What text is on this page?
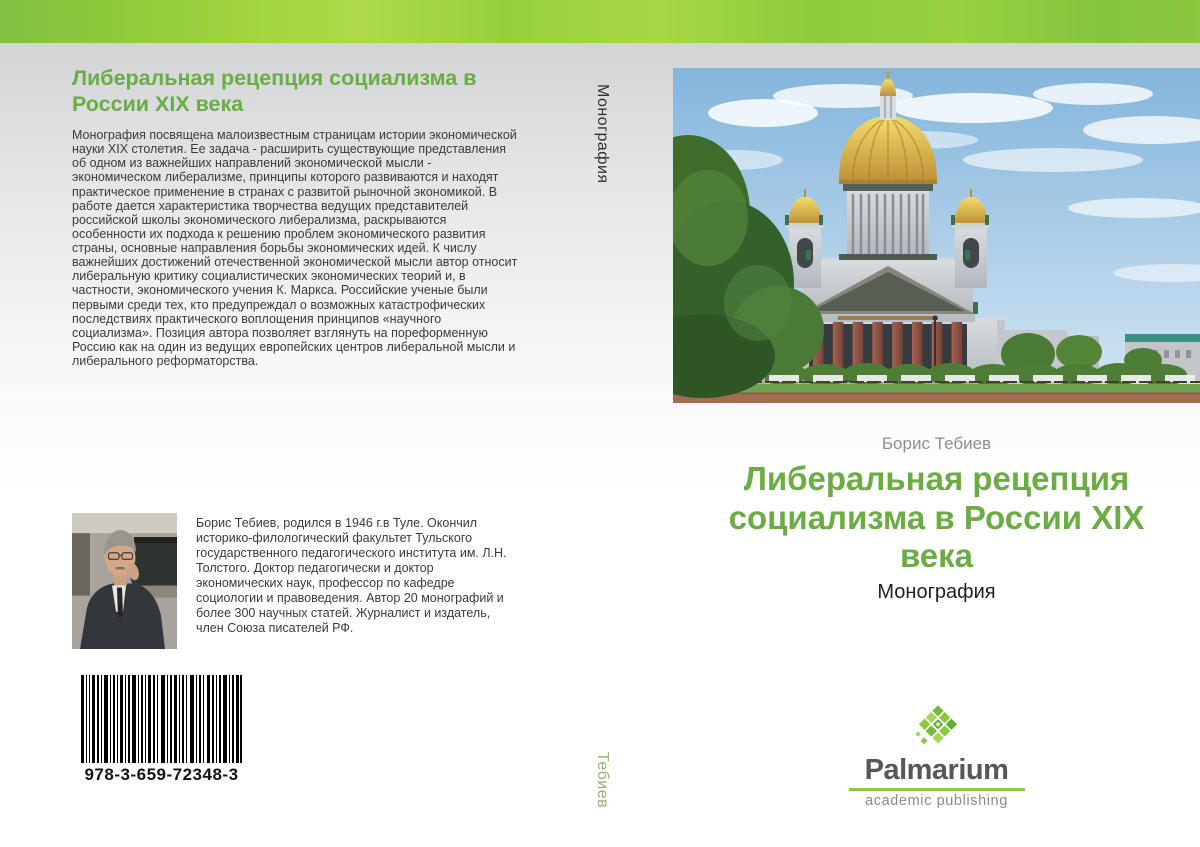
Либеральная рецепция социализма в России XIX века
Монография посвящена малоизвестным страницам истории экономической науки XIX столетия. Ее задача - расширить существующие представления об одном из важнейших направлений экономической мысли - экономическом либерализме, принципы которого развиваются и находят практическое применение в странах с развитой рыночной экономикой. В работе дается характеристика творчества ведущих представителей российской школы экономического либерализма, раскрываются особенности их подхода к решению проблем экономического развития страны, основные направления борьбы экономических идей. К числу важнейших достижений отечественной экономической мысли автор относит либеральную критику социалистических экономических теорий и, в частности, экономического учения К. Маркса. Российские ученые были первыми среди тех, кто предупреждал о возможных катастрофических последствиях практического воплощения принципов «научного социализма». Позиция автора позволяет взглянуть на пореформенную Россию как на один из ведущих европейских центров либеральной мысли и либерального реформаторства.
Борис Тебиев, родился в 1946 г.в Туле. Окончил историко-филологический факультет Тульского государственного педагогического института им. Л.Н. Толстого. Доктор педагогически и доктор экономических наук, профессор по кафедре социологии и правоведения. Автор 20 монографий и более 300 научных статей. Журналист и издатель, член Союза писателей РФ.
978-3-659-72348-3
Монография
Тебиев
Борис Тебиев
Либеральная рецепция социализма в России XIX века
Монография
Palmarium
academic publishing
